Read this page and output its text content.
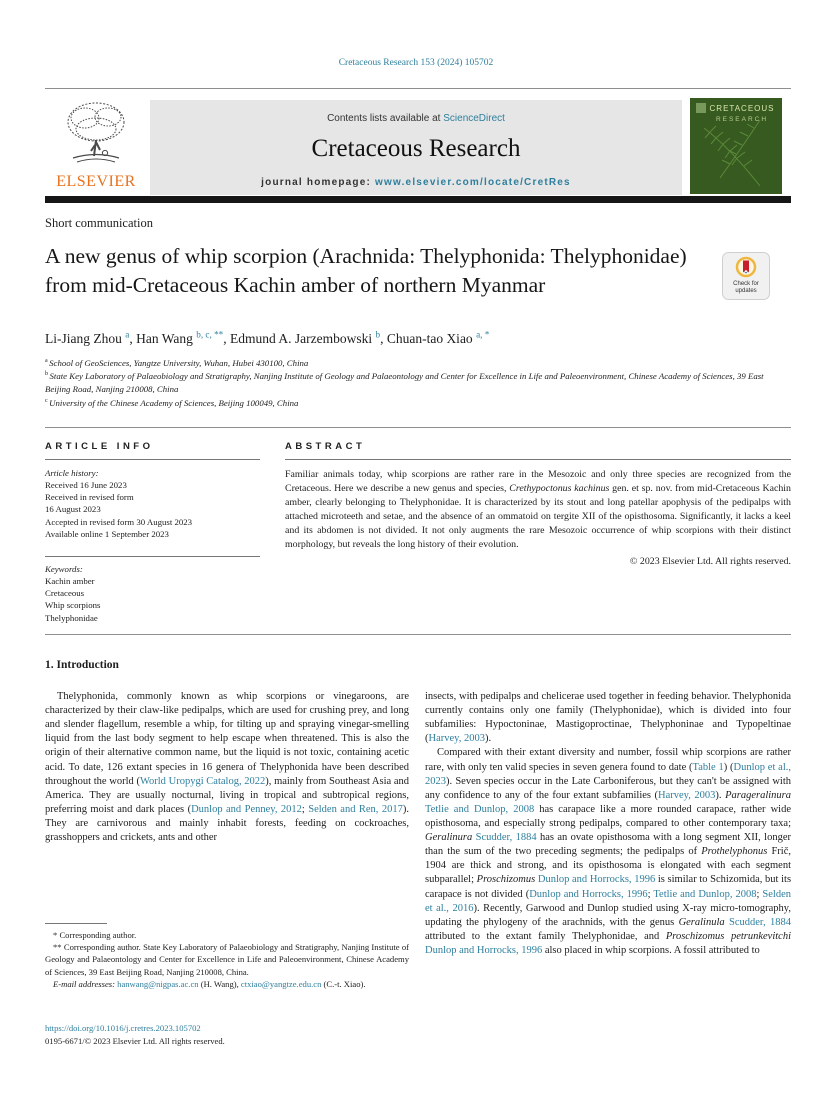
Cretaceous Research 153 (2024) 105702
ELSEVIER
Contents lists available at ScienceDirect
Cretaceous Research
journal homepage: www.elsevier.com/locate/CretRes
CRETACEOUS
RESEARCH
Short communication
A new genus of whip scorpion (Arachnida: Thelyphonida: Thelyphonidae) from mid-Cretaceous Kachin amber of northern Myanmar	Check for
updates
Li-Jiang Zhou $^a$, Han Wang $^{b, c, **}$, Edmund A. Jarzembowski $^b$, Chuan-tao Xiao $^{a, *}$
$^a$ School of GeoSciences, Yangtze University, Wuhan, Hubei 430100, China
$^b$ State Key Laboratory of Palaeobiology and Stratigraphy, Nanjing Institute of Geology and Palaeontology and Center for Excellence in Life and Paleoenvironment, Chinese Academy of Sciences, 39 East Beijing Road, Nanjing 210008, China
$^c$ University of the Chinese Academy of Sciences, Beijing 100049, China
ARTICLE INFO	ABSTRACT
Article history:
Received 16 June 2023
Received in revised form
16 August 2023
Accepted in revised form 30 August 2023
Available online 1 September 2023
Keywords:
Kachin amber
Cretaceous
Whip scorpions
Thelyphonidae
Familiar animals today, whip scorpions are rather rare in the Mesozoic and only three species are recognized from the Cretaceous. Here we describe a new genus and species, Crethypoctonus kachinus gen. et sp. nov. from mid-Cretaceous Kachin amber, clearly belonging to Thelyphonidae. It is characterized by its stout and long patellar apophysis of the pedipalps with attached microteeth and setae, and the absence of an ommatoid on tergite XII of the opisthosoma. Significantly, it lacks a keel and its abdomen is not divided. It not only augments the rare Mesozoic occurrence of whip scorpions with their distinct morphology, but reveals the long history of their evolution.
© 2023 Elsevier Ltd. All rights reserved.
1. Introduction

Thelyphonida, commonly known as whip scorpions or vinegaroons, are characterized by their claw-like pedipalps, which are used for crushing prey, and long and slender flagellum, resemble a whip, for tilting up and spraying vinegar-smelling liquid from the last body segment to help escape when threatened. This is also the origin of their alternative common name, but the liquid is not toxic, containing acetic acid. To date, 126 extant species in 16 genera of Thelyphonida have been described throughout the world (World Uropygi Catalog, 2022), mainly from Southeast Asia and America. They are usually nocturnal, living in tropical and subtropical regions, preferring moist and dark places (Dunlop and Penney, 2012; Selden and Ren, 2017). They are carnivorous and mainly inhabit forests, feeding on cockroaches, grasshoppers and crickets, ants and other

insects, with pedipalps and chelicerae used together in feeding behavior. Thelyphonida currently contains only one family (Thelyphonidae), which is divided into four subfamilies: Hypoctoninae, Mastigoproctinae, Thelyphoninae and Typopeltinae (Harvey, 2003).

Compared with their extant diversity and number, fossil whip scorpions are rather rare, with only ten valid species in seven genera found to date (Table 1) (Dunlop et al., 2023). Seven species occur in the Late Carboniferous, but they can't be assigned with any confidence to any of the four extant subfamilies (Harvey, 2003). Parageralinura Tetlie and Dunlop, 2008 has carapace like a more rounded carapace, rather wide opisthosoma, and especially strong pedipalps, compared to other contemporary taxa; Geralinura Scudder, 1884 has an ovate opisthosoma with a long segment XII, longer than the sum of the two preceding segments; the pedipalps of Prothelyphonus Frič, 1904 are thick and strong, and its opisthosoma is elongated with each segment subparallel; Proschizomus Dunlop and Horrocks, 1996 is similar to Schizomida, but its carapace is not divided (Dunlop and Horrocks, 1996; Tetlie and Dunlop, 2008; Selden et al., 2016). Recently, Garwood and Dunlop studied using X-ray micro-tomography, updating the phylogeny of the arachnids, with the genus Geralinula Scudder, 1884 attributed to the extant family Thelyphonidae, and Proschizomus petrunkevitchi Dunlop and Horrocks, 1996 also placed in whip scorpions. A fossil attributed to

* Corresponding author.
** Corresponding author. State Key Laboratory of Palaeobiology and Stratigraphy, Nanjing Institute of Geology and Palaeontology and Center for Excellence in Life and Paleoenvironment, Chinese Academy of Sciences, 39 East Beijing Road, Nanjing 210008, China.
E-mail addresses: hanwang@nigpas.ac.cn (H. Wang), ctxiao@yangtze.edu.cn (C.-t. Xiao).
https://doi.org/10.1016/j.cretres.2023.105702
0195-6671/© 2023 Elsevier Ltd. All rights reserved.
